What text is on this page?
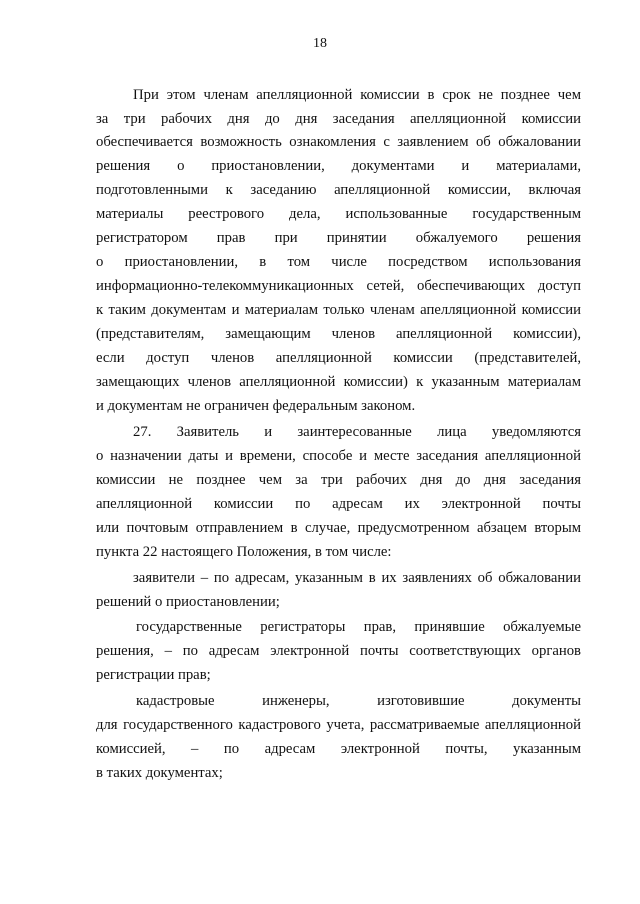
18
При этом членам апелляционной комиссии в срок не позднее чем
за три рабочих дня до дня заседания апелляционной комиссии
обеспечивается возможность ознакомления с заявлением об обжаловании
решения о приостановлении, документами и материалами,
подготовленными к заседанию апелляционной комиссии, включая
материалы реестрового дела, использованные государственным
регистратором прав при принятии обжалуемого решения
о приостановлении, в том числе посредством использования
информационно-телекоммуникационных сетей, обеспечивающих доступ
к таким документам и материалам только членам апелляционной комиссии
(представителям, замещающим членов апелляционной комиссии),
если доступ членов апелляционной комиссии (представителей,
замещающих членов апелляционной комиссии) к указанным материалам
и документам не ограничен федеральным законом.
27. Заявитель и заинтересованные лица уведомляются
о назначении даты и времени, способе и месте заседания апелляционной
комиссии не позднее чем за три рабочих дня до дня заседания
апелляционной комиссии по адресам их электронной почты
или почтовым отправлением в случае, предусмотренном абзацем вторым
пункта 22 настоящего Положения, в том числе:
заявители – по адресам, указанным в их заявлениях об обжаловании
решений о приостановлении;
государственные регистраторы прав, принявшие обжалуемые
решения, – по адресам электронной почты соответствующих органов
регистрации прав;
кадастровые инженеры, изготовившие документы
для государственного кадастрового учета, рассматриваемые апелляционной
комиссией, – по адресам электронной почты, указанным
в таких документах;
